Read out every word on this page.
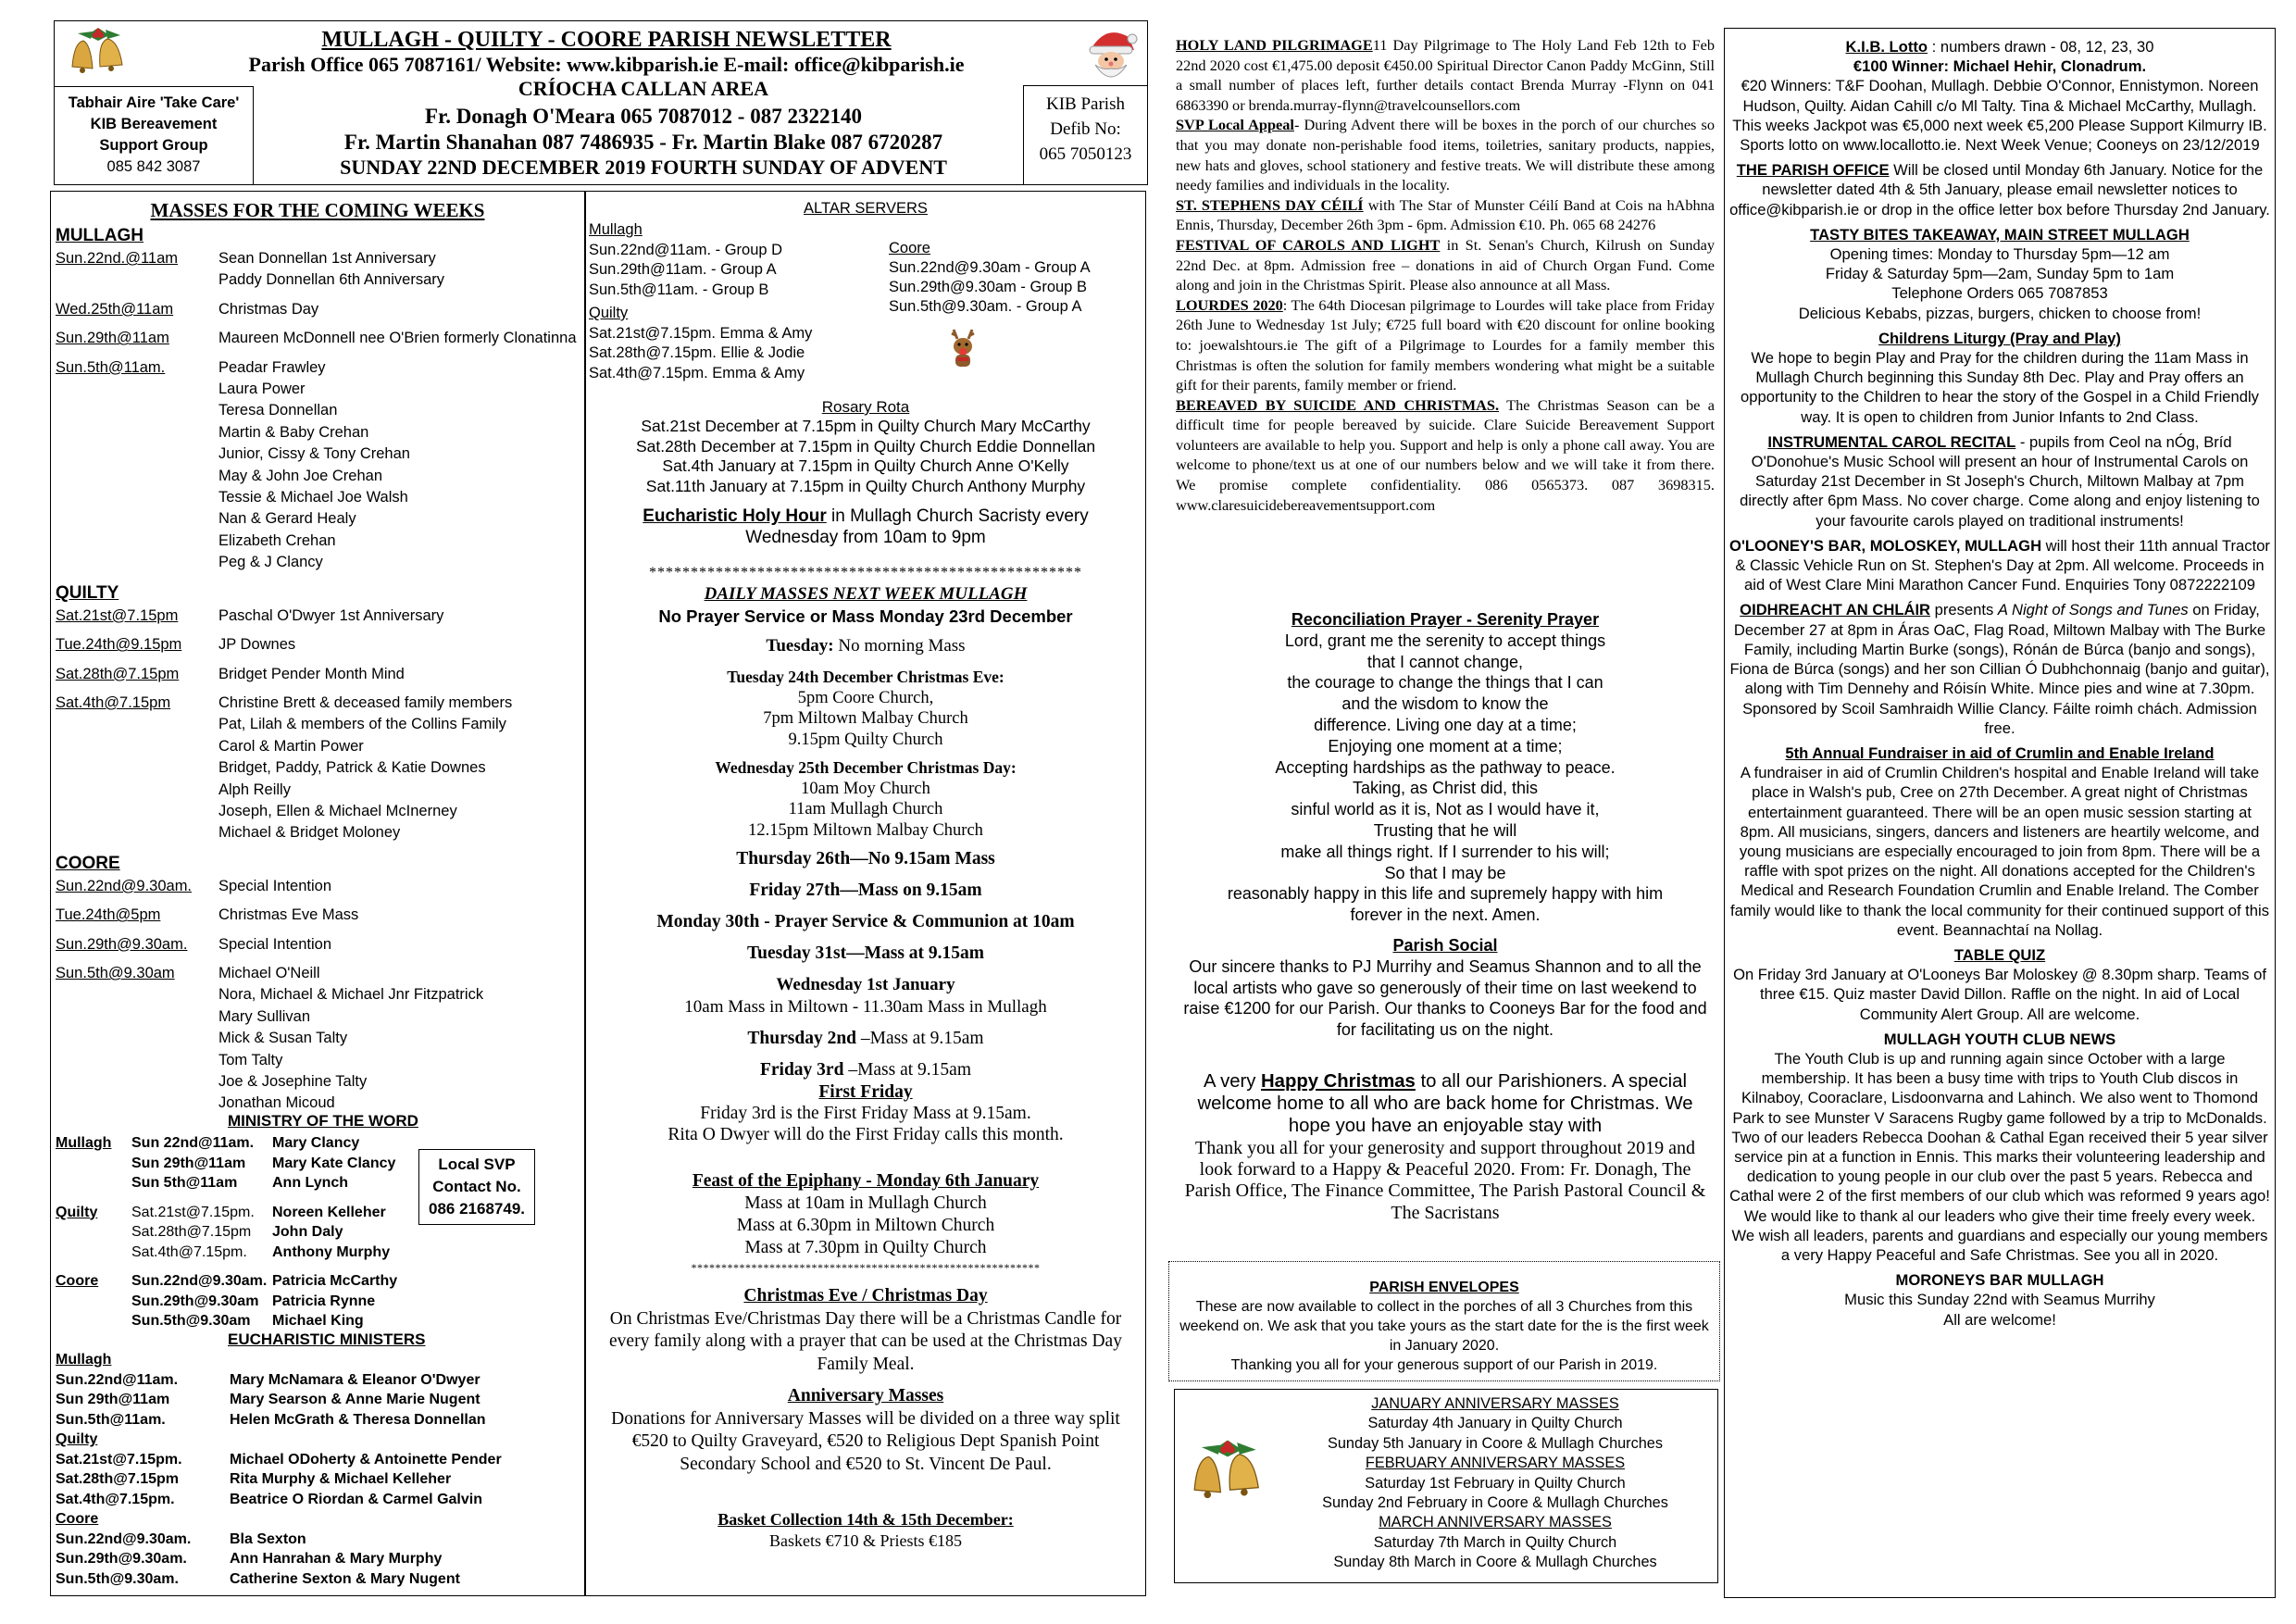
MULLAGH - QUILTY - COORE PARISH NEWSLETTER
Parish Office 065 7087161/ Website: www.kibparish.ie E-mail: office@kibparish.ie
Tabhair Aire 'Take Care'
KIB Bereavement
Support Group
085 842 3087
CRÍOCHA CALLAN AREA
Fr. Donagh O'Meara 065 7087012 - 087 2322140
Fr. Martin Shanahan 087 7486935 - Fr. Martin Blake 087 6720287
SUNDAY 22ND DECEMBER 2019 FOURTH SUNDAY OF ADVENT
KIB Parish
Defib No:
065 7050123
MASSES FOR THE COMING WEEKS
MULLAGH
Sun.22nd.@11am	Sean Donnellan 1st Anniversary
Paddy Donnellan 6th Anniversary
Wed.25th@11am	Christmas Day
Sun.29th@11am	Maureen McDonnell nee O'Brien formerly Clonatinna
Sun.5th@11am.	Peadar Frawley
Laura Power
Teresa Donnellan
Martin & Baby Crehan
Junior, Cissy & Tony Crehan
May & John Joe Crehan
Tessie & Michael Joe Walsh
Nan & Gerard Healy
Elizabeth Crehan
Peg & J Clancy
QUILTY
Sat.21st@7.15pm	Paschal O'Dwyer 1st Anniversary
Tue.24th@9.15pm	JP Downes
Sat.28th@7.15pm	Bridget Pender Month Mind
Sat.4th@7.15pm	Christine Brett & deceased family members
Pat, Lilah & members of the Collins Family
Carol & Martin Power
Bridget, Paddy, Patrick & Katie Downes
Alph Reilly
Joseph, Ellen & Michael McInerney
Michael & Bridget Moloney
COORE
Sun.22nd@9.30am.	Special Intention
Tue.24th@5pm	Christmas Eve Mass
Sun.29th@9.30am.	Special Intention
Sun.5th@9.30am	Michael O'Neill
Nora, Michael & Michael Jnr Fitzpatrick
Mary Sullivan
Mick & Susan Talty
Tom Talty
Joe & Josephine Talty
Jonathan Micoud
MINISTRY OF THE WORD
Mullagh	Sun 22nd@11am.	Mary Clancy
Sun 29th@11am	Mary Kate Clancy
Sun 5th@11am	Ann Lynch
Quilty	Sat.21st@7.15pm.	Noreen Kelleher
Sat.28th@7.15pm	John Daly
Sat.4th@7.15pm.	Anthony Murphy
Coore	Sun.22nd@9.30am. Patricia McCarthy
Sun.29th@9.30am Patricia Rynne
Sun.5th@9.30am	Michael King
Local SVP
Contact No.
086 2168749.
EUCHARISTIC MINISTERS
Mullagh
Sun.22nd@11am.	Mary McNamara & Eleanor O'Dwyer
Sun 29th@11am	Mary Searson & Anne Marie Nugent
Sun.5th@11am.	Helen McGrath & Theresa Donnellan
Quilty
Sat.21st@7.15pm.	Michael ODoherty & Antoinette Pender
Sat.28th@7.15pm	Rita Murphy & Michael Kelleher
Sat.4th@7.15pm.	Beatrice O Riordan & Carmel Galvin
Coore
Sun.22nd@9.30am.	Bla Sexton
Sun.29th@9.30am.	Ann Hanrahan & Mary Murphy
Sun.5th@9.30am.	Catherine Sexton & Mary Nugent
ALTAR SERVERS
Mullagh
Sun.22nd@11am. - Group D
Sun.29th@11am. - Group A
Sun.5th@11am. - Group B
Quilty
Sat.21st@7.15pm. Emma & Amy
Sat.28th@7.15pm. Ellie & Jodie
Sat.4th@7.15pm. Emma & Amy
Coore
Sun.22nd@9.30am - Group A
Sun.29th@9.30am - Group B
Sun.5th@9.30am. - Group A
Rosary Rota
Sat.21st December at 7.15pm in Quilty Church Mary McCarthy
Sat.28th December at 7.15pm in Quilty Church Eddie Donnellan
Sat.4th January at 7.15pm in Quilty Church Anne O'Kelly
Sat.11th January at 7.15pm in Quilty Church Anthony Murphy
Eucharistic Holy Hour in Mullagh Church Sacristy every Wednesday from 10am to 9pm
****************************************************
DAILY MASSES NEXT WEEK MULLAGH
No Prayer Service or Mass Monday 23rd December
Tuesday: No morning Mass
Tuesday 24th December Christmas Eve:
5pm Coore Church,
7pm Miltown Malbay Church
9.15pm Quilty Church
Wednesday 25th December Christmas Day:
10am Moy Church
11am Mullagh Church
12.15pm Miltown Malbay Church
Thursday 26th—No 9.15am Mass
Friday 27th—Mass on 9.15am
Monday 30th - Prayer Service & Communion at 10am
Tuesday 31st—Mass at 9.15am
Wednesday 1st January
10am Mass in Miltown - 11.30am Mass in Mullagh
Thursday 2nd –Mass at 9.15am
Friday 3rd –Mass at 9.15am
First Friday
Friday 3rd is the First Friday Mass at 9.15am.
Rita O Dwyer will do the First Friday calls this month.
Feast of the Epiphany - Monday 6th January
Mass at 10am in Mullagh Church
Mass at 6.30pm in Miltown Church
Mass at 7.30pm in Quilty Church
**********************************************************
Christmas Eve / Christmas Day
On Christmas Eve/Christmas Day there will be a Christmas Candle for every family along with a prayer that can be used at the Christmas Day Family Meal.
Anniversary Masses
Donations for Anniversary Masses will be divided on a three way split €520 to Quilty Graveyard, €520 to Religious Dept Spanish Point Secondary School and €520 to St. Vincent De Paul.
Basket Collection 14th & 15th December:
Baskets €710 & Priests €185

HOLY LAND PILGRIMAGE11 Day Pilgrimage to The Holy Land Feb 12th to Feb 22nd 2020 cost €1,475.00 deposit €450.00 Spiritual Director Canon Paddy McGinn, Still a small number of places left, further details contact Brenda Murray -Flynn on 041 6863390 or brenda.murray-flynn@travelcounsellors.com

SVP Local Appeal- During Advent there will be boxes in the porch of our churches so that you may donate non-perishable food items, toiletries, sanitary products, nappies, new hats and gloves, school stationery and festive treats. We will distribute these among needy families and individuals in the locality.

ST. STEPHENS DAY CÉILÍ with The Star of Munster Céilí Band at Cois na hAbhna Ennis, Thursday, December 26th 3pm - 6pm. Admission €10. Ph. 065 68 24276

FESTIVAL OF CAROLS AND LIGHT in St. Senan's Church, Kilrush on Sunday 22nd Dec. at 8pm. Admission free – donations in aid of Church Organ Fund. Come along and join in the Christmas Spirit. Please also announce at all Mass.

LOURDES 2020: The 64th Diocesan pilgrimage to Lourdes will take place from Friday 26th June to Wednesday 1st July; €725 full board with €20 discount for online booking to: joewalshtours.ie The gift of a Pilgrimage to Lourdes for a family member this Christmas is often the solution for family members wondering what might be a suitable gift for their parents, family member or friend.

BEREAVED BY SUICIDE AND CHRISTMAS. The Christmas Season can be a difficult time for people bereaved by suicide. Clare Suicide Bereavement Support volunteers are available to help you. Support and help is only a phone call away. You are welcome to phone/text us at one of our numbers below and we will take it from there. We promise complete confidentiality. 086 0565373. 087 3698315. www.claresuicidebereavementsupport.com

Reconciliation Prayer - Serenity Prayer
Lord, grant me the serenity to accept things
that I cannot change,
the courage to change the things that I can
and the wisdom to know the
difference. Living one day at a time;
Enjoying one moment at a time;
Accepting hardships as the pathway to peace.
Taking, as Christ did, this
sinful world as it is, Not as I would have it,
Trusting that he will
make all things right. If I surrender to his will;
So that I may be
reasonably happy in this life and supremely happy with him
forever in the next. Amen.
Parish Social
Our sincere thanks to PJ Murrihy and Seamus Shannon and to all the local artists who gave so generously of their time on last weekend to raise €1200 for our Parish. Our thanks to Cooneys Bar for the food and for facilitating us on the night.
A very Happy Christmas to all our Parishioners. A special welcome home to all who are back home for Christmas. We hope you have an enjoyable stay with
Thank you all for your generosity and support throughout 2019 and look forward to a Happy & Peaceful 2020. From: Fr. Donagh, The Parish Office, The Finance Committee, The Parish Pastoral Council & The Sacristans
PARISH ENVELOPES
These are now available to collect in the porches of all 3 Churches from this weekend on. We ask that you take yours as the start date for the is the first week in January 2020.
Thanking you all for your generous support of our Parish in 2019.
JANUARY ANNIVERSARY MASSES
Saturday 4th January in Quilty Church
Sunday 5th January in Coore & Mullagh Churches
FEBRUARY ANNIVERSARY MASSES
Saturday 1st February in Quilty Church
Sunday 2nd February in Coore & Mullagh Churches
MARCH ANNIVERSARY MASSES
Saturday 7th March in Quilty Church
Sunday 8th March in Coore & Mullagh Churches

K.I.B. Lotto : numbers drawn - 08, 12, 23, 30

€100 Winner: Michael Hehir, Clonadrum.

€20 Winners: T&F Doohan, Mullagh. Debbie O'Connor, Ennistymon. Noreen Hudson, Quilty. Aidan Cahill c/o Ml Talty. Tina & Michael McCarthy, Mullagh. This weeks Jackpot was €5,000 next week €5,200 Please Support Kilmurry IB. Sports lotto on www.locallotto.ie. Next Week Venue; Cooneys on 23/12/2019

THE PARISH OFFICE Will be closed until Monday 6th January. Notice for the newsletter dated 4th & 5th January, please email newsletter notices to office@kibparish.ie or drop in the office letter box before Thursday 2nd January.

TASTY BITES TAKEAWAY, MAIN STREET MULLAGH

Opening times: Monday to Thursday 5pm—12 am
Friday & Saturday 5pm—2am, Sunday 5pm to 1am
Telephone Orders 065 7087853
Delicious Kebabs, pizzas, burgers, chicken to choose from!

Childrens Liturgy (Pray and Play)

We hope to begin Play and Pray for the children during the 11am Mass in Mullagh Church beginning this Sunday 8th Dec. Play and Pray offers an opportunity to the Children to hear the story of the Gospel in a Child Friendly way. It is open to children from Junior Infants to 2nd Class.

INSTRUMENTAL CAROL RECITAL - pupils from Ceol na nÓg, Bríd O'Donohue's Music School will present an hour of Instrumental Carols on Saturday 21st December in St Joseph's Church, Miltown Malbay at 7pm directly after 6pm Mass. No cover charge. Come along and enjoy listening to your favourite carols played on traditional instruments!

O'LOONEY'S BAR, MOLOSKEY, MULLAGH will host their 11th annual Tractor & Classic Vehicle Run on St. Stephen's Day at 2pm. All welcome. Proceeds in aid of West Clare Mini Marathon Cancer Fund. Enquiries Tony 0872222109

OIDHREACHT AN CHLÁIR presents A Night of Songs and Tunes on Friday, December 27 at 8pm in Áras OaC, Flag Road, Miltown Malbay with The Burke Family, including Martin Burke (songs), Rónán de Búrca (banjo and songs), Fiona de Búrca (songs) and her son Cillian Ó Dubhchonnaig (banjo and guitar), along with Tim Dennehy and Róisín White. Mince pies and wine at 7.30pm. Sponsored by Scoil Samhraidh Willie Clancy. Fáilte roimh chách. Admission free.

5th Annual Fundraiser in aid of Crumlin and Enable Ireland

A fundraiser in aid of Crumlin Children's hospital and Enable Ireland will take place in Walsh's pub, Cree on 27th December. A great night of Christmas entertainment guaranteed. There will be an open music session starting at 8pm. All musicians, singers, dancers and listeners are heartily welcome, and young musicians are especially encouraged to join from 8pm. There will be a raffle with spot prizes on the night. All donations accepted for the Children's Medical and Research Foundation Crumlin and Enable Ireland. The Comber family would like to thank the local community for their continued support of this event. Beannachtaí na Nollag.

TABLE QUIZ

On Friday 3rd January at O'Looneys Bar Moloskey @ 8.30pm sharp. Teams of three €15. Quiz master David Dillon. Raffle on the night. In aid of Local Community Alert Group. All are welcome.

MULLAGH YOUTH CLUB NEWS

The Youth Club is up and running again since October with a large membership. It has been a busy time with trips to Youth Club discos in Kilnaboy, Cooraclare, Lisdoonvarna and Lahinch. We also went to Thomond Park to see Munster V Saracens Rugby game followed by a trip to McDonalds. Two of our leaders Rebecca Doohan & Cathal Egan received their 5 year silver service pin at a function in Ennis. This marks their volunteering leadership and dedication to young people in our club over the past 5 years. Rebecca and Cathal were 2 of the first members of our club which was reformed 9 years ago! We would like to thank al our leaders who give their time freely every week.

We wish all leaders, parents and guardians and especially our young members a very Happy Peaceful and Safe Christmas. See you all in 2020.

MORONEYS BAR MULLAGH

Music this Sunday 22nd with Seamus Murrihy
All are welcome!
